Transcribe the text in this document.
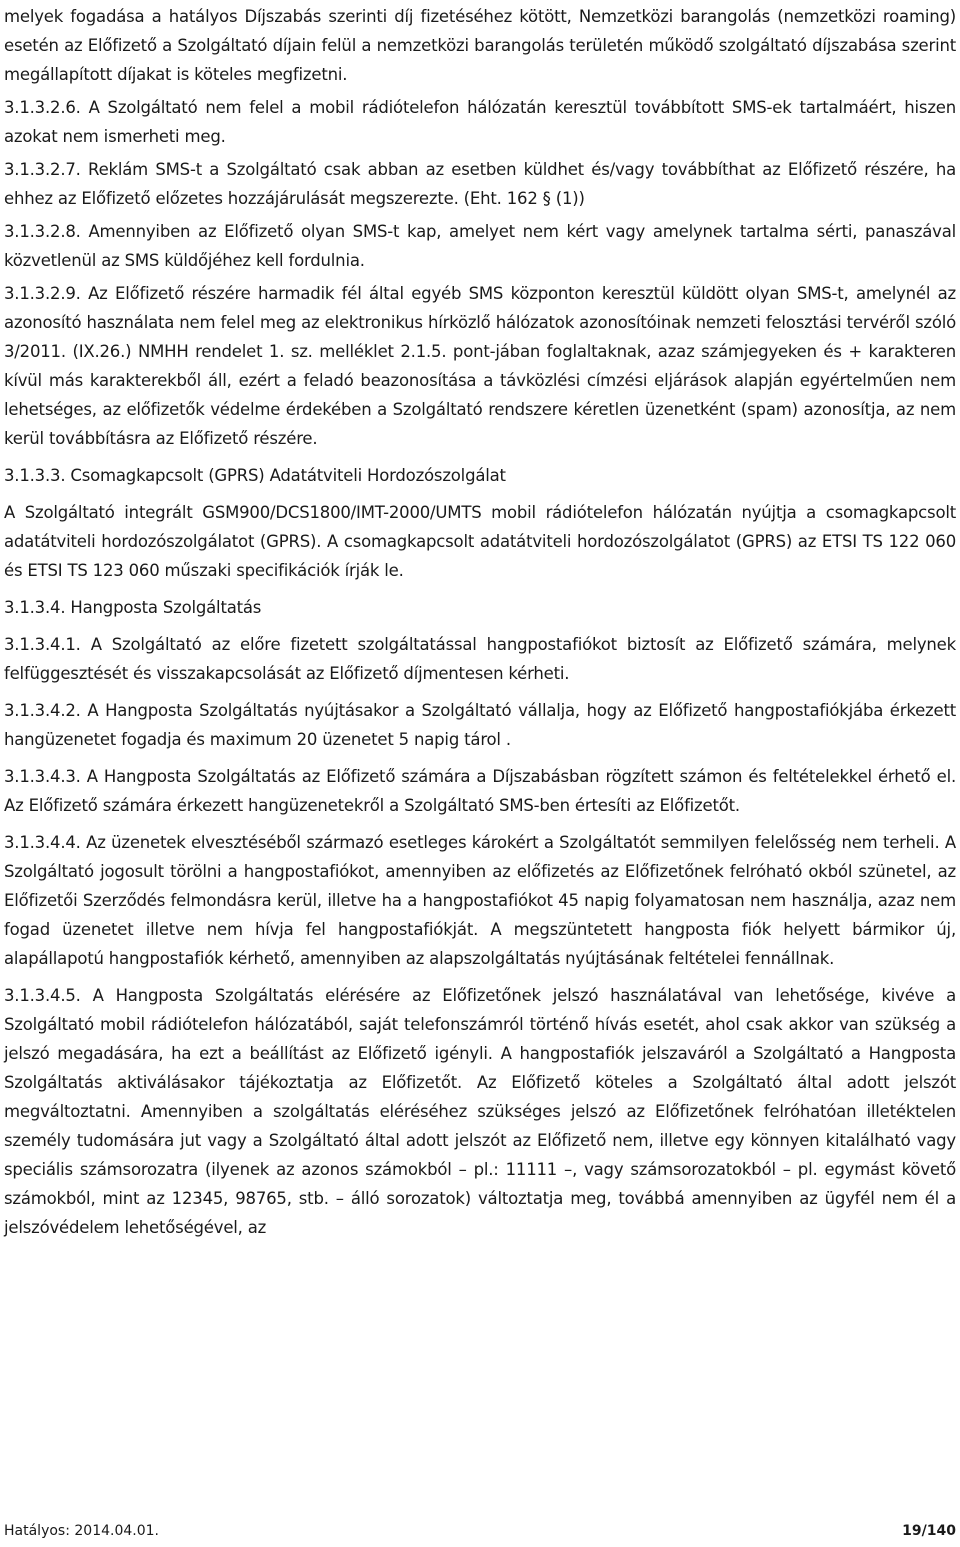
melyek fogadása a hatályos Díjszabás szerinti díj fizetéséhez kötött, Nemzetközi barangolás (nemzetközi roaming) esetén az Előfizető a Szolgáltató díjain felül a nemzetközi barangolás területén működő szolgáltató díjszabása szerint megállapított díjakat is köteles megfizetni.

3.1.3.2.6. A Szolgáltató nem felel a mobil rádiótelefon hálózatán keresztül továbbított SMS-ek tartalmáért, hiszen azokat nem ismerheti meg.

3.1.3.2.7. Reklám SMS-t a Szolgáltató csak abban az esetben küldhet és/vagy továbbíthat az Előfizető részére, ha ehhez az Előfizető előzetes hozzájárulását megszerezte. (Eht. 162 § (1))

3.1.3.2.8. Amennyiben az Előfizető olyan SMS-t kap, amelyet nem kért vagy amelynek tartalma sérti, panaszával közvetlenül az SMS küldőjéhez kell fordulnia.

3.1.3.2.9. Az Előfizető részére harmadik fél által egyéb SMS központon keresztül küldött olyan SMS-t, amelynél az azonosító használata nem felel meg az elektronikus hírközlő hálózatok azonosítóinak nemzeti felosztási tervéről szóló 3/2011. (IX.26.) NMHH rendelet 1. sz. melléklet 2.1.5. pont-jában foglaltaknak, azaz számjegyeken és + karakteren kívül más karakterekből áll, ezért a feladó beazonosítása a távközlési címzési eljárások alapján egyértelműen nem lehetséges, az előfizetők védelme érdekében a Szolgáltató rendszere kéretlen üzenetként (spam) azonosítja, az nem kerül továbbításra az Előfizető részére.

3.1.3.3. Csomagkapcsolt (GPRS) Adatátviteli Hordozószolgálat

A Szolgáltató integrált GSM900/DCS1800/IMT-2000/UMTS mobil rádiótelefon hálózatán nyújtja a csomagkapcsolt adatátviteli hordozószolgálatot (GPRS). A csomagkapcsolt adatátviteli hordozószolgálatot (GPRS) az ETSI TS 122 060 és ETSI TS 123 060 műszaki specifikációk írják le.

3.1.3.4. Hangposta Szolgáltatás

3.1.3.4.1. A Szolgáltató az előre fizetett szolgáltatással hangpostafiókot biztosít az Előfizető számára, melynek felfüggesztését és visszakapcsolását az Előfizető díjmentesen kérheti.

3.1.3.4.2. A Hangposta Szolgáltatás nyújtásakor a Szolgáltató vállalja, hogy az Előfizető hangpostafiókjába érkezett hangüzenetet fogadja és maximum 20 üzenetet 5 napig tárol .

3.1.3.4.3. A Hangposta Szolgáltatás az Előfizető számára a Díjszabásban rögzített számon és feltételekkel érhető el. Az Előfizető számára érkezett hangüzenetekről a Szolgáltató SMS-ben értesíti az Előfizetőt.

3.1.3.4.4. Az üzenetek elvesztéséből származó esetleges károkért a Szolgáltatót semmilyen felelősség nem terheli. A Szolgáltató jogosult törölni a hangpostafiókot, amennyiben az előfizetés az Előfizetőnek felróható okból szünetel, az Előfizetői Szerződés felmondásra kerül, illetve ha a hangpostafiókot 45 napig folyamatosan nem használja, azaz nem fogad üzenetet illetve nem hívja fel hangpostafiókját. A megszüntetett hangposta fiók helyett bármikor új, alapállapotú hangpostafiók kérhető, amennyiben az alapszolgáltatás nyújtásának feltételei fennállnak.

3.1.3.4.5. A Hangposta Szolgáltatás elérésére az Előfizetőnek jelszó használatával van lehetősége, kivéve a Szolgáltató mobil rádiótelefon hálózatából, saját telefonszámról történő hívás esetét, ahol csak akkor van szükség a jelszó megadására, ha ezt a beállítást az Előfizető igényli. A hangpostafiók jelszaváról a Szolgáltató a Hangposta Szolgáltatás aktiválásakor tájékoztatja az Előfizetőt. Az Előfizető köteles a Szolgáltató által adott jelszót megváltoztatni. Amennyiben a szolgáltatás eléréséhez szükséges jelszó az Előfizetőnek felróhatóan illetéktelen személy tudomására jut vagy a Szolgáltató által adott jelszót az Előfizető nem, illetve egy könnyen kitalálható vagy speciális számsorozatra (ilyenek az azonos számokból – pl.: 11111 –, vagy számsorozatokból – pl. egymást követő számokból, mint az 12345, 98765, stb. – álló sorozatok) változtatja meg, továbbá amennyiben az ügyfél nem él a jelszóvédelem lehetőségével, az

Hatályos: 2014.04.01.	19/140
